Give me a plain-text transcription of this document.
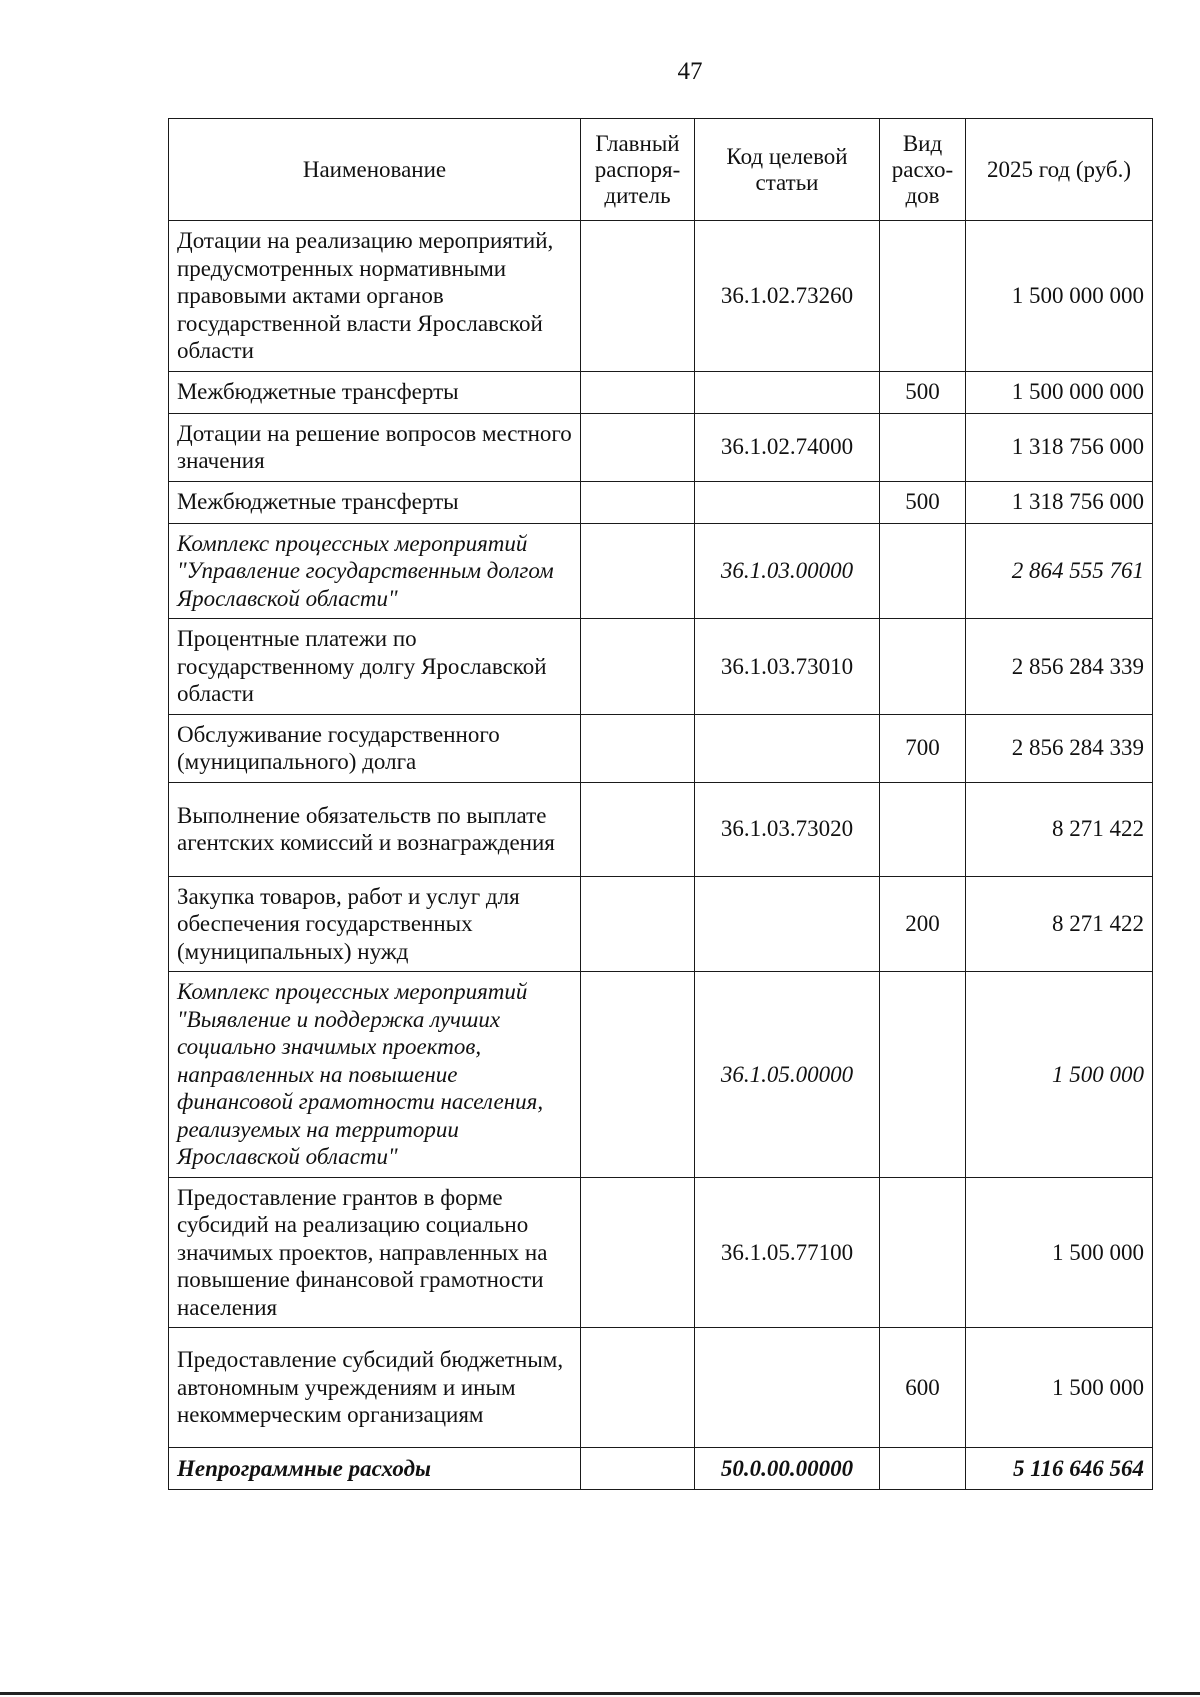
47
Наименование	Главный распоря-дитель	Код целевой статьи	Вид расхо-дов	2025 год (руб.)
Дотации на реализацию мероприятий, предусмотренных нормативными правовыми актами органов государственной власти Ярославской области		36.1.02.73260		1 500 000 000
Межбюджетные трансферты			500	1 500 000 000
Дотации на решение вопросов местного значения		36.1.02.74000		1 318 756 000
Межбюджетные трансферты			500	1 318 756 000
Комплекс процессных мероприятий "Управление государственным долгом Ярославской области"		36.1.03.00000		2 864 555 761
Процентные платежи по государственному долгу Ярославской области		36.1.03.73010		2 856 284 339
Обслуживание государственного (муниципального) долга			700	2 856 284 339
Выполнение обязательств по выплате агентских комиссий и вознаграждения		36.1.03.73020		8 271 422
Закупка товаров, работ и услуг для обеспечения государственных (муниципальных) нужд			200	8 271 422
Комплекс процессных мероприятий "Выявление и поддержка лучших социально значимых проектов, направленных на повышение финансовой грамотности населения, реализуемых на территории Ярославской области"		36.1.05.00000		1 500 000
Предоставление грантов в форме субсидий на реализацию социально значимых проектов, направленных на повышение финансовой грамотности населения		36.1.05.77100		1 500 000
Предоставление субсидий бюджетным, автономным учреждениям и иным некоммерческим организациям			600	1 500 000
Непрограммные расходы		50.0.00.00000		5 116 646 564
